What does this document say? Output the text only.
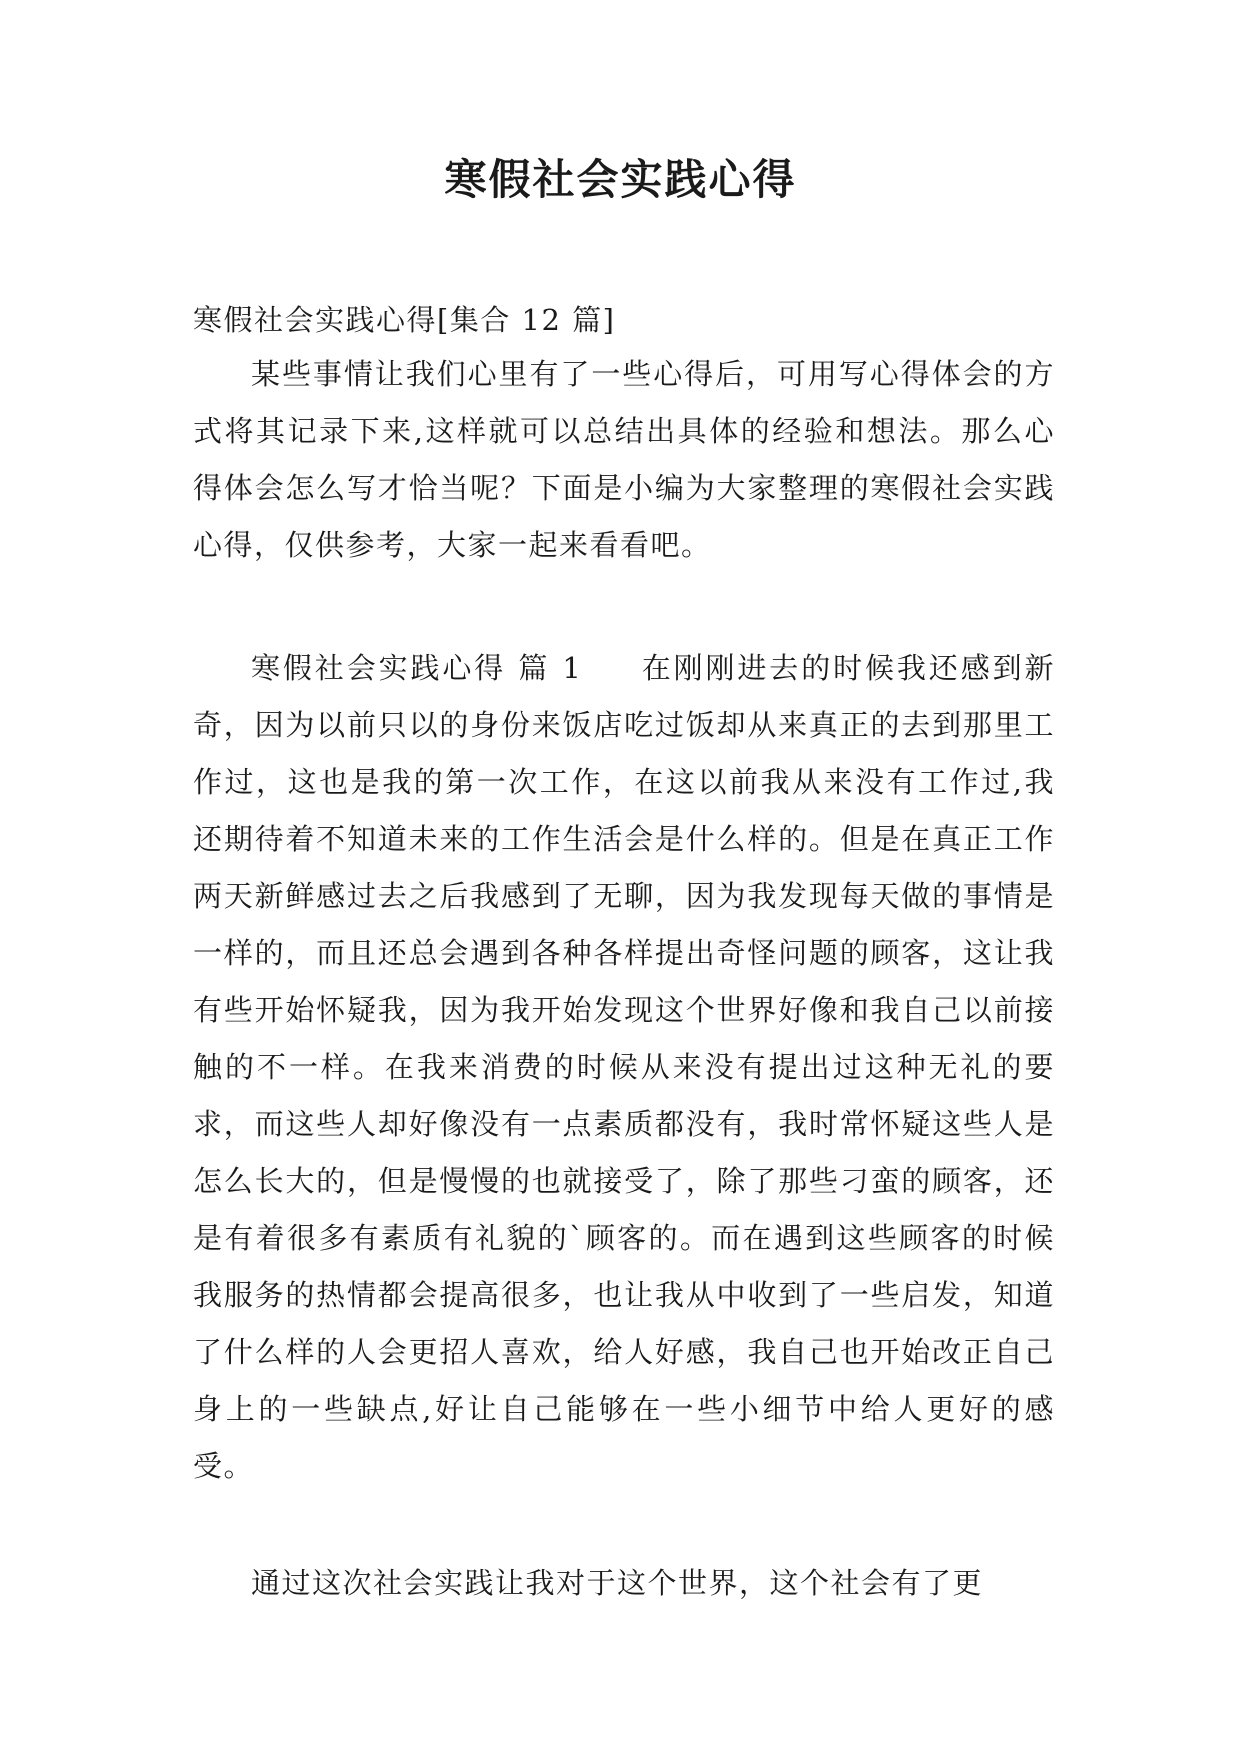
寒假社会实践心得

寒假社会实践心得[集合 12 篇]

某些事情让我们心里有了一些心得后，可用写心得体会的方式将其记录下来,这样就可以总结出具体的经验和想法。那么心得体会怎么写才恰当呢？下面是小编为大家整理的寒假社会实践心得，仅供参考，大家一起来看看吧。

寒假社会实践心得 篇 1 在刚刚进去的时候我还感到新奇，因为以前只以的身份来饭店吃过饭却从来真正的去到那里工作过，这也是我的第一次工作，在这以前我从来没有工作过,我还期待着不知道未来的工作生活会是什么样的。但是在真正工作两天新鲜感过去之后我感到了无聊，因为我发现每天做的事情是一样的，而且还总会遇到各种各样提出奇怪问题的顾客，这让我有些开始怀疑我，因为我开始发现这个世界好像和我自己以前接触的不一样。在我来消费的时候从来没有提出过这种无礼的要求，而这些人却好像没有一点素质都没有，我时常怀疑这些人是怎么长大的，但是慢慢的也就接受了，除了那些刁蛮的顾客，还是有着很多有素质有礼貌的`顾客的。而在遇到这些顾客的时候我服务的热情都会提高很多，也让我从中收到了一些启发，知道了什么样的人会更招人喜欢，给人好感，我自己也开始改正自己身上的一些缺点,好让自己能够在一些小细节中给人更好的感受。

通过这次社会实践让我对于这个世界，这个社会有了更
